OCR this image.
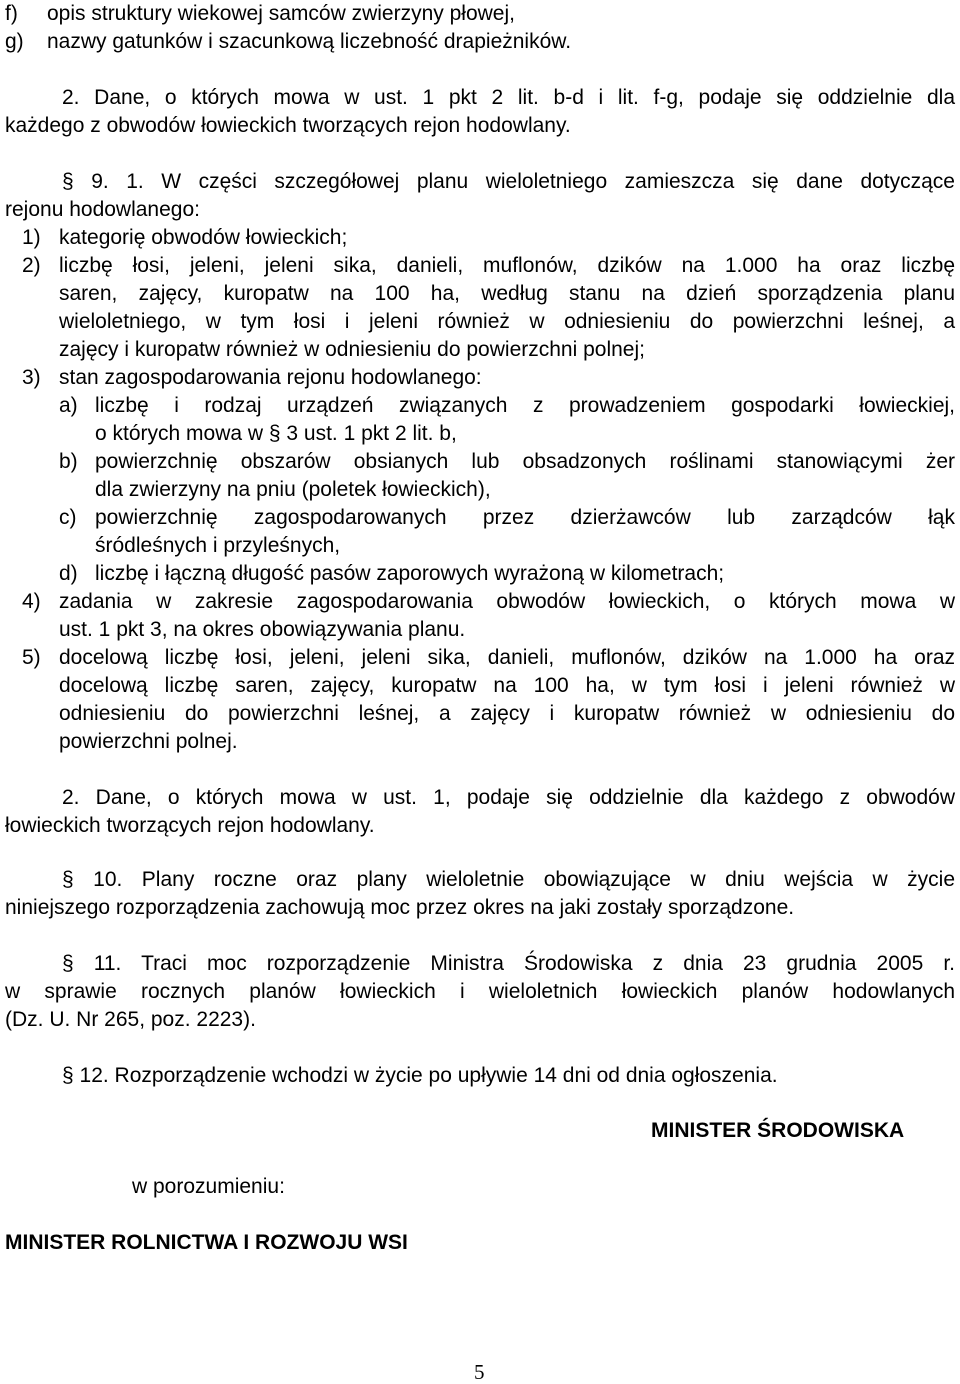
f) opis struktury wiekowej samców zwierzyny płowej,
g) nazwy gatunków i szacunkową liczebność drapieżników.
2. Dane, o których mowa w ust. 1 pkt 2 lit. b-d i lit. f-g, podaje się oddzielnie dla
każdego z obwodów łowieckich tworzących rejon hodowlany.
§ 9. 1. W części szczegółowej planu wieloletniego zamieszcza się dane dotyczące
rejonu hodowlanego:
1) kategorię obwodów łowieckich;
2) liczbę łosi, jeleni, jeleni sika, danieli, muflonów, dzików na 1.000 ha oraz liczbę
saren, zajęcy, kuropatw na 100 ha, według stanu na dzień sporządzenia planu
wieloletniego, w tym łosi i jeleni również w odniesieniu do powierzchni leśnej, a
zajęcy i kuropatw również w odniesieniu do powierzchni polnej;
3) stan zagospodarowania rejonu hodowlanego:
a) liczbę i rodzaj urządzeń związanych z prowadzeniem gospodarki łowieckiej,
o których mowa w § 3 ust. 1 pkt 2 lit. b,
b) powierzchnię obszarów obsianych lub obsadzonych roślinami stanowiącymi żer
dla zwierzyny na pniu (poletek łowieckich),
c) powierzchnię zagospodarowanych przez dzierżawców lub zarządców łąk
śródleśnych i przyleśnych,
d) liczbę i łączną długość pasów zaporowych wyrażoną w kilometrach;
4) zadania w zakresie zagospodarowania obwodów łowieckich, o których mowa w
ust. 1 pkt 3, na okres obowiązywania planu.
5) docelową liczbę łosi, jeleni, jeleni sika, danieli, muflonów, dzików na 1.000 ha oraz
docelową liczbę saren, zajęcy, kuropatw na 100 ha, w tym łosi i jeleni również w
odniesieniu do powierzchni leśnej, a zajęcy i kuropatw również w odniesieniu do
powierzchni polnej.
2. Dane, o których mowa w ust. 1, podaje się oddzielnie dla każdego z obwodów
łowieckich tworzących rejon hodowlany.
§ 10. Plany roczne oraz plany wieloletnie obowiązujące w dniu wejścia w życie
niniejszego rozporządzenia zachowują moc przez okres na jaki zostały sporządzone.
§ 11. Traci moc rozporządzenie Ministra Środowiska z dnia 23 grudnia 2005 r.
w sprawie rocznych planów łowieckich i wieloletnich łowieckich planów hodowlanych
(Dz. U. Nr 265, poz. 2223).
§ 12. Rozporządzenie wchodzi w życie po upływie 14 dni od dnia ogłoszenia.
MINISTER ŚRODOWISKA
w porozumieniu:
MINISTER ROLNICTWA I ROZWOJU WSI
5
